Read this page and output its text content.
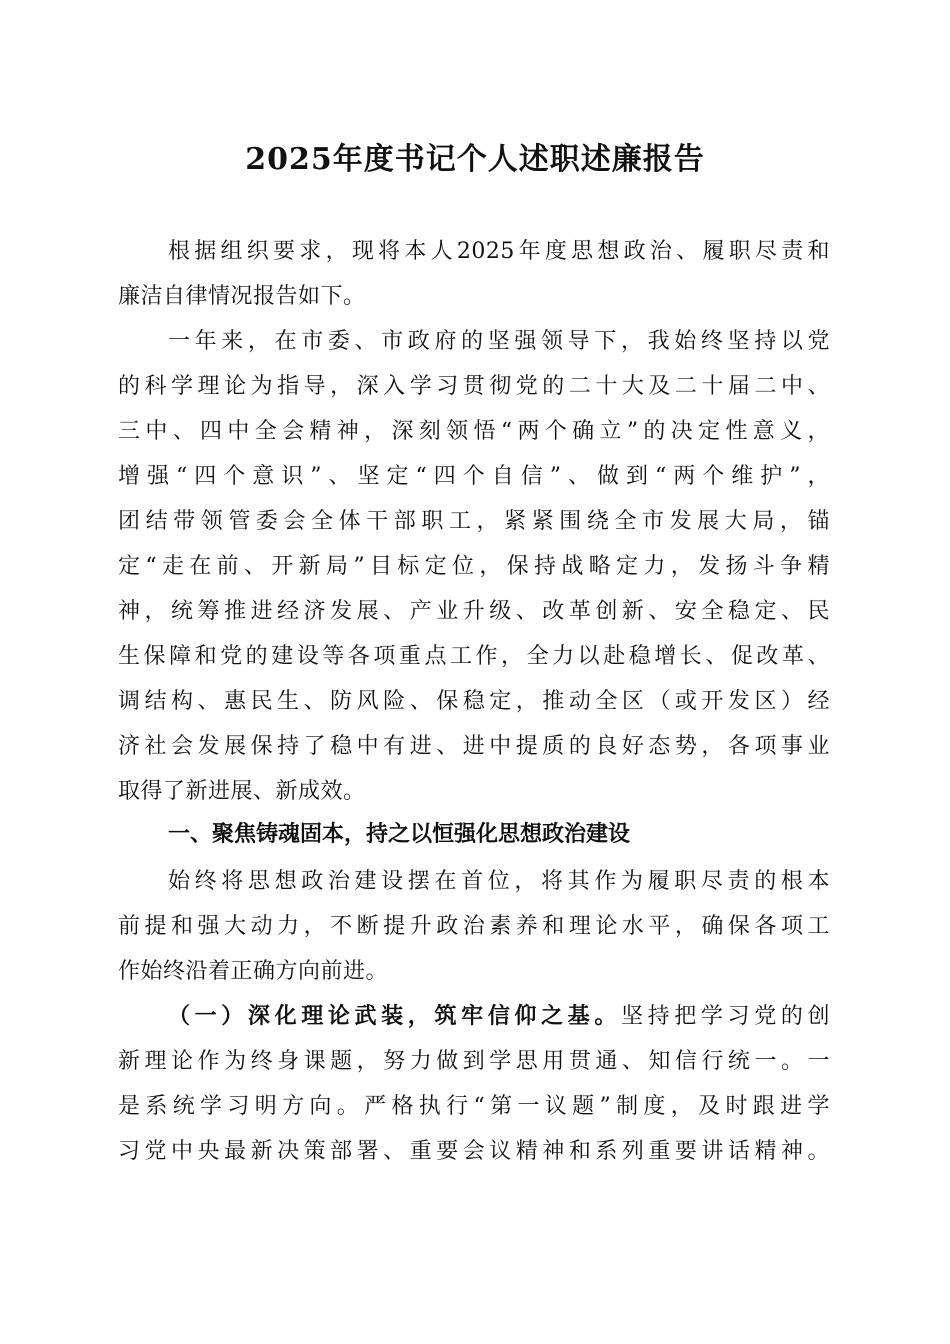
2025年度书记个人述职述廉报告
根据组织要求，现将本人2025年度思想政治、履职尽责和
廉洁自律情况报告如下。
一年来，在市委、市政府的坚强领导下，我始终坚持以党
的科学理论为指导，深入学习贯彻党的二十大及二十届二中、
三中、四中全会精神，深刻领悟“两个确立”的决定性意义，
增强“四个意识”、坚定“四个自信”、做到“两个维护”，
团结带领管委会全体干部职工，紧紧围绕全市发展大局，锚
定“走在前、开新局”目标定位，保持战略定力，发扬斗争精
神，统筹推进经济发展、产业升级、改革创新、安全稳定、民
生保障和党的建设等各项重点工作，全力以赴稳增长、促改革、
调结构、惠民生、防风险、保稳定，推动全区（或开发区）经
济社会发展保持了稳中有进、进中提质的良好态势，各项事业
取得了新进展、新成效。
一、聚焦铸魂固本，持之以恒强化思想政治建设
始终将思想政治建设摆在首位，将其作为履职尽责的根本
前提和强大动力，不断提升政治素养和理论水平，确保各项工
作始终沿着正确方向前进。
（一）深化理论武装，筑牢信仰之基。坚持把学习党的创
新理论作为终身课题，努力做到学思用贯通、知信行统一。一
是系统学习明方向。严格执行“第一议题”制度，及时跟进学
习党中央最新决策部署、重要会议精神和系列重要讲话精神。
